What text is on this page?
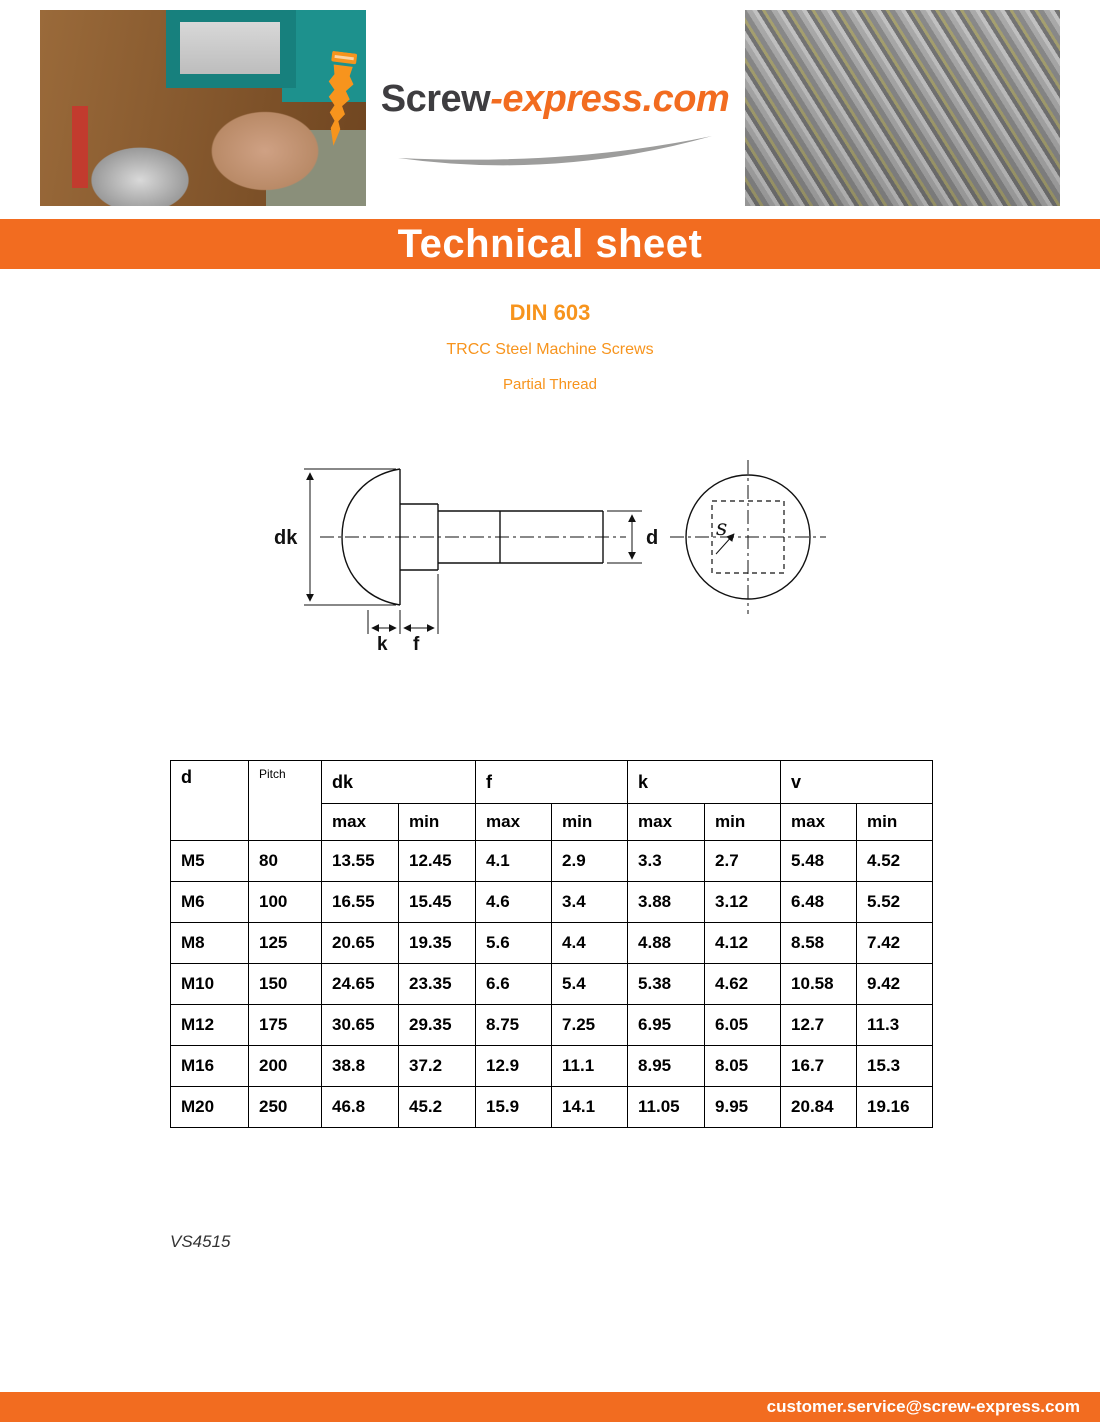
Screw-express.com
Technical sheet
DIN 603

TRCC Steel Machine Screws

Partial Thread

dk	d
k f
s
d	Pitch	dk		f		k		v	
		max	min	max	min	max	min	max	min
M5	80	13.55	12.45	4.1	2.9	3.3	2.7	5.48	4.52
M6	100	16.55	15.45	4.6	3.4	3.88	3.12	6.48	5.52
M8	125	20.65	19.35	5.6	4.4	4.88	4.12	8.58	7.42
M10	150	24.65	23.35	6.6	5.4	5.38	4.62	10.58	9.42
M12	175	30.65	29.35	8.75	7.25	6.95	6.05	12.7	11.3
M16	200	38.8	37.2	12.9	11.1	8.95	8.05	16.7	15.3
M20	250	46.8	45.2	15.9	14.1	11.05	9.95	20.84	19.16

VS4515

customer.service@screw-express.com
